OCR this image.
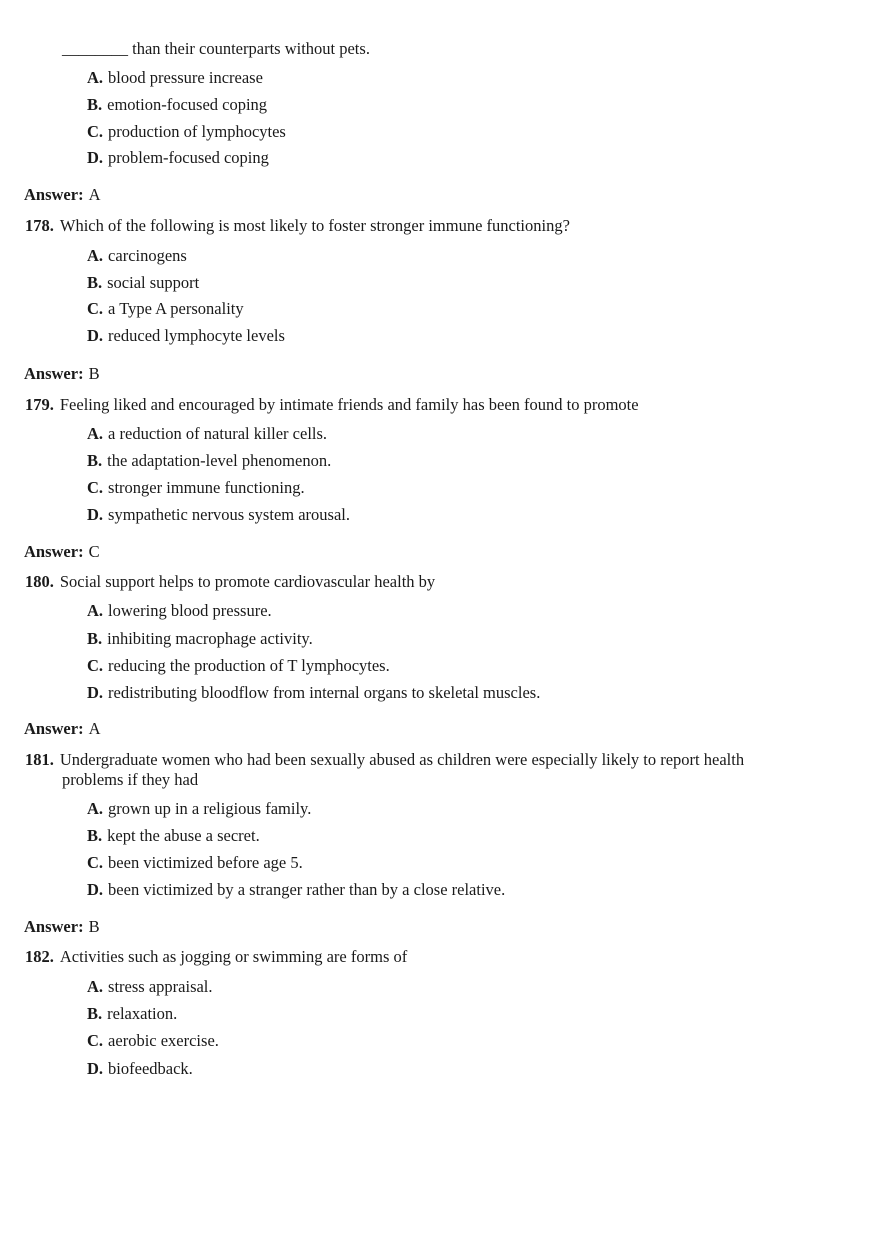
________ than their counterparts without pets.
A. blood pressure increase
B. emotion-focused coping
C. production of lymphocytes
D. problem-focused coping
Answer: A
178. Which of the following is most likely to foster stronger immune functioning?
A. carcinogens
B. social support
C. a Type A personality
D. reduced lymphocyte levels
Answer: B
179. Feeling liked and encouraged by intimate friends and family has been found to promote
A. a reduction of natural killer cells.
B. the adaptation-level phenomenon.
C. stronger immune functioning.
D. sympathetic nervous system arousal.
Answer: C
180. Social support helps to promote cardiovascular health by
A. lowering blood pressure.
B. inhibiting macrophage activity.
C. reducing the production of T lymphocytes.
D. redistributing bloodflow from internal organs to skeletal muscles.
Answer: A
181. Undergraduate women who had been sexually abused as children were especially likely to report health
problems if they had
A. grown up in a religious family.
B. kept the abuse a secret.
C. been victimized before age 5.
D. been victimized by a stranger rather than by a close relative.
Answer: B
182. Activities such as jogging or swimming are forms of
A. stress appraisal.
B. relaxation.
C. aerobic exercise.
D. biofeedback.
